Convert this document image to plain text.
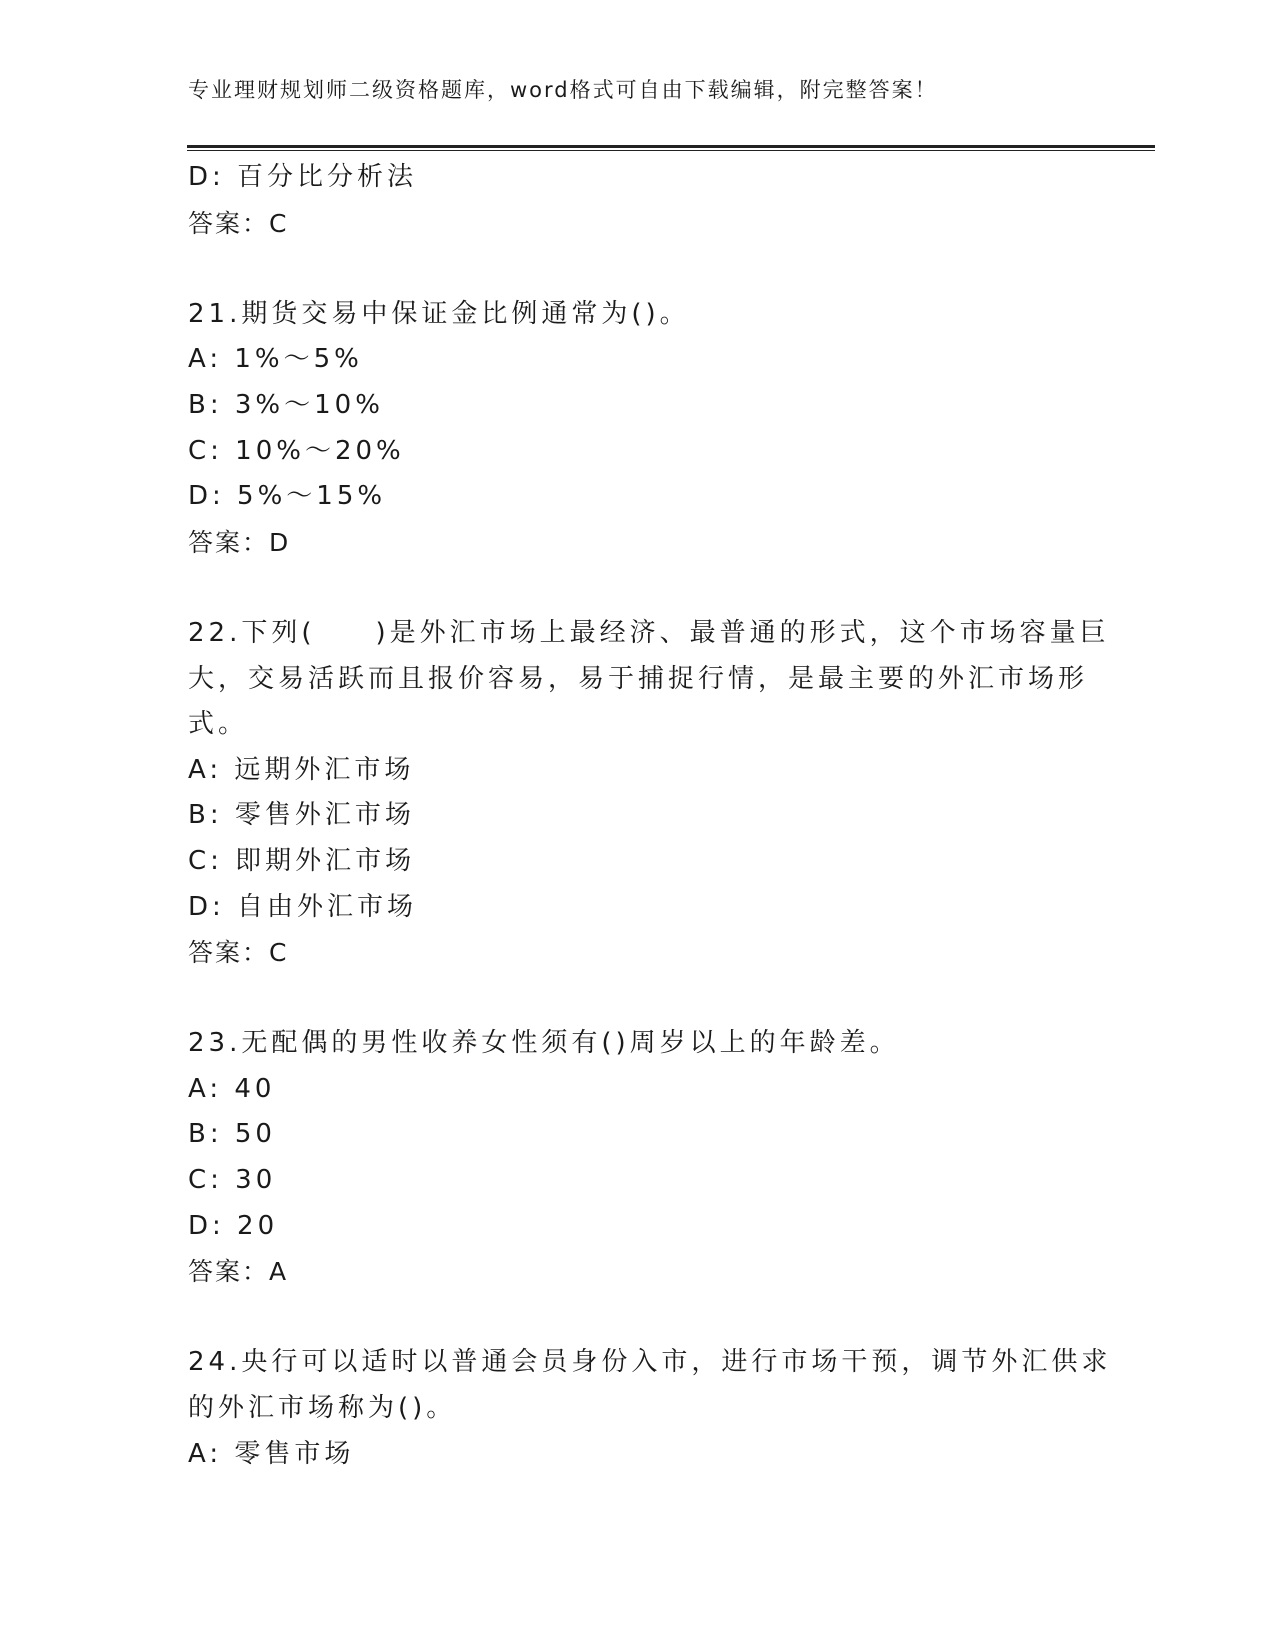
专业理财规划师二级资格题库，word格式可自由下载编辑，附完整答案！
D: 百分比分析法
答案：C
21.期货交易中保证金比例通常为()。
A: 1%～5%
B: 3%～10%
C: 10%～20%
D: 5%～15%
答案：D
22.下列(　　)是外汇市场上最经济、最普通的形式，这个市场容量巨
大，交易活跃而且报价容易，易于捕捉行情，是最主要的外汇市场形
式。
A: 远期外汇市场
B: 零售外汇市场
C: 即期外汇市场
D: 自由外汇市场
答案：C
23.无配偶的男性收养女性须有()周岁以上的年龄差。
A: 40
B: 50
C: 30
D: 20
答案：A
24.央行可以适时以普通会员身份入市，进行市场干预，调节外汇供求
的外汇市场称为()。
A: 零售市场
